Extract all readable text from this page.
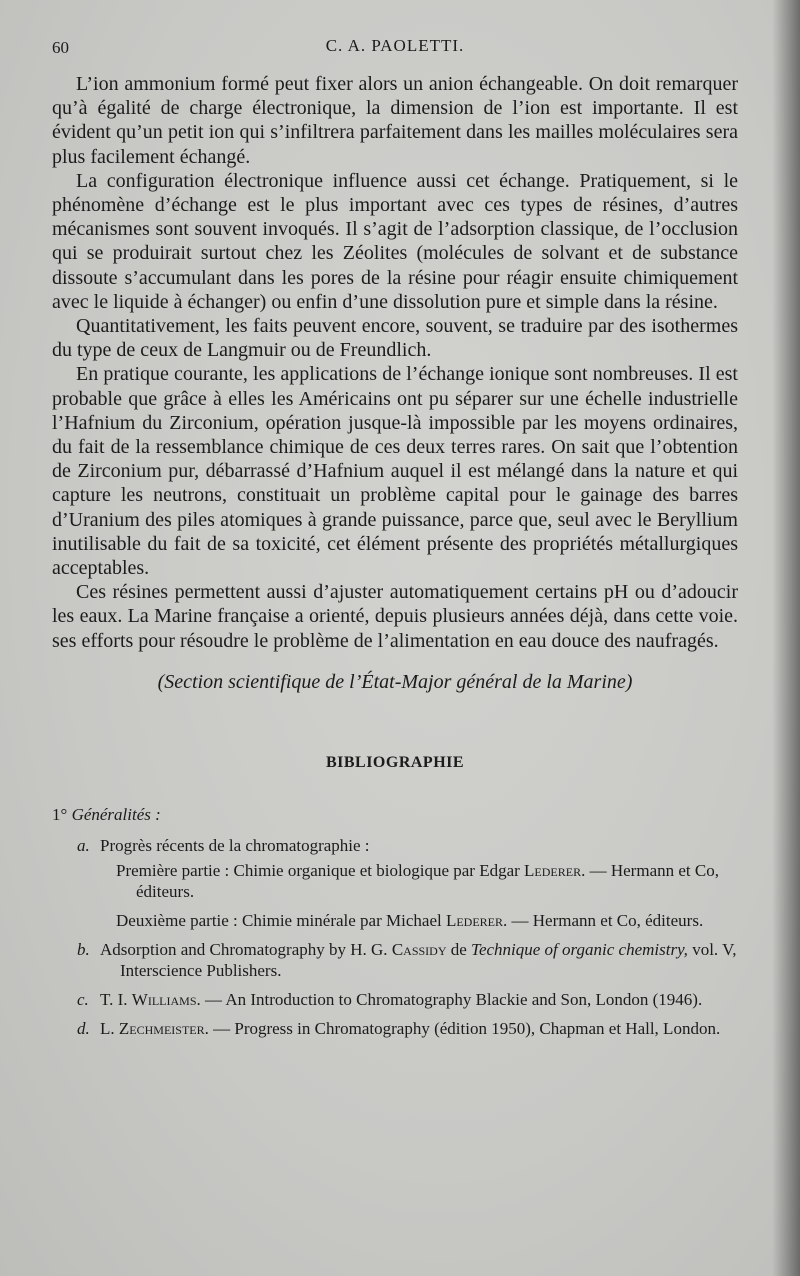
60	C. A. PAOLETTI.

L’ion ammonium formé peut fixer alors un anion échangeable. On doit remarquer qu’à égalité de charge électronique, la dimension de l’ion est importante. Il est évident qu’un petit ion qui s’infiltrera parfaitement dans les mailles moléculaires sera plus facilement échangé.

La configuration électronique influence aussi cet échange. Pratiquement, si le phénomène d’échange est le plus important avec ces types de résines, d’autres mécanismes sont souvent invoqués. Il s’agit de l’adsorption classique, de l’occlusion qui se produirait surtout chez les Zéolites (molécules de solvant et de substance dissoute s’accumulant dans les pores de la résine pour réagir ensuite chimiquement avec le liquide à échanger) ou enfin d’une dissolution pure et simple dans la résine.

Quantitativement, les faits peuvent encore, souvent, se traduire par des isothermes du type de ceux de Langmuir ou de Freundlich.

En pratique courante, les applications de l’échange ionique sont nombreuses. Il est probable que grâce à elles les Américains ont pu séparer sur une échelle industrielle l’Hafnium du Zirconium, opération jusque-là impossible par les moyens ordinaires, du fait de la ressemblance chimique de ces deux terres rares. On sait que l’obtention de Zirconium pur, débarrassé d’Hafnium auquel il est mélangé dans la nature et qui capture les neutrons, constituait un problème capital pour le gainage des barres d’Uranium des piles atomiques à grande puissance, parce que, seul avec le Beryllium inutilisable du fait de sa toxicité, cet élément présente des propriétés métallurgiques acceptables.

Ces résines permettent aussi d’ajuster automatiquement certains pH ou d’adoucir les eaux. La Marine française a orienté, depuis plusieurs années déjà, dans cette voie. ses efforts pour résoudre le problème de l’alimentation en eau douce des naufragés.

(Section scientifique de l’État-Major général de la Marine)
BIBLIOGRAPHIE
1° Généralités :
a. Progrès récents de la chromatographie :
Première partie : Chimie organique et biologique par Edgar Lederer. — Hermann et Co, éditeurs.
Deuxième partie : Chimie minérale par Michael Lederer. — Hermann et Co, éditeurs.
b. Adsorption and Chromatography by H. G. Cassidy de Technique of organic chemistry, vol. V, Interscience Publishers.
c. T. I. Williams. — An Introduction to Chromatography Blackie and Son, London (1946).
d. L. Zechmeister. — Progress in Chromatography (édition 1950), Chapman et Hall, London.
